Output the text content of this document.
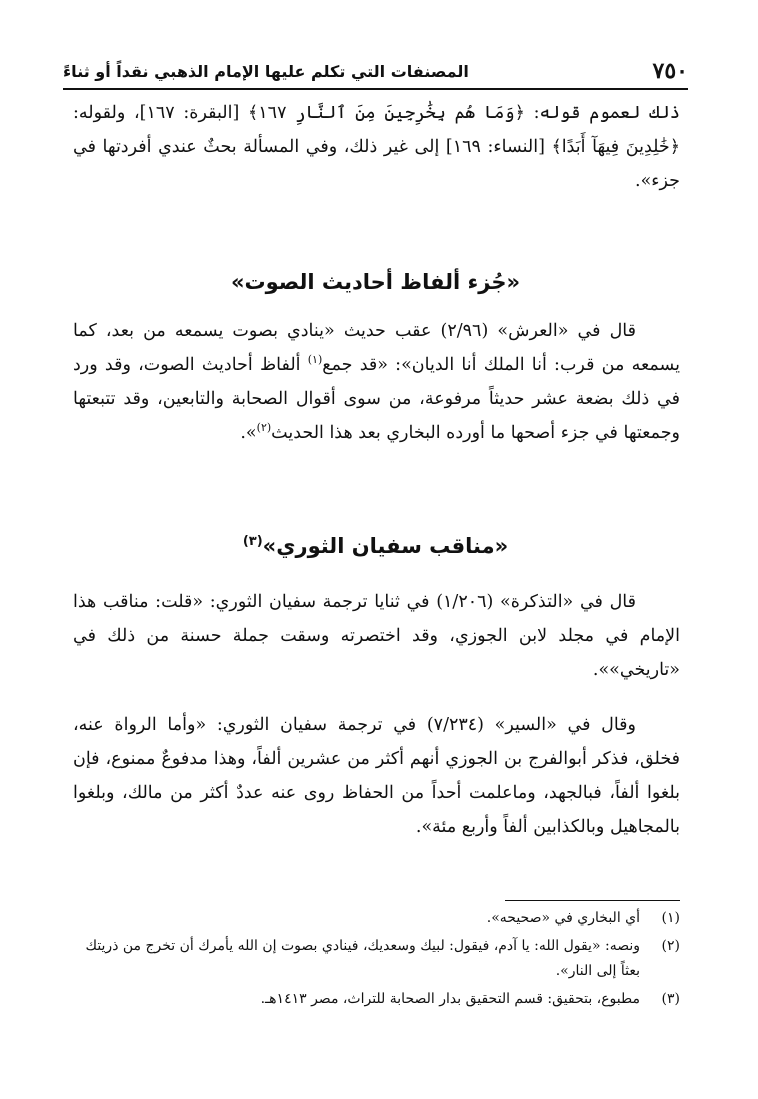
٧٥٠
المصنفات التي تكلم عليها الإمام الذهبي نقداً أو ثناءً

ذلك لعموم قوله: ﴿وَمَا هُم بِخَٰرِجِينَ مِنَ ٱلنَّارِ ١٦٧﴾ [البقرة: ١٦٧]، ولقوله: ﴿خَٰلِدِينَ فِيهَآ أَبَدًا﴾ [النساء: ١٦٩] إلى غير ذلك، وفي المسألة بحثٌ عندي أفردتها في جزء».

«جُزء ألفاظ أحاديث الصوت»

قال في «العرش» (٢/٩٦) عقب حديث «ينادي بصوت يسمعه من بعد، كما يسمعه من قرب: أنا الملك أنا الديان»: «قد جمع$^{(١)}$ ألفاظ أحاديث الصوت، وقد ورد في ذلك بضعة عشر حديثاً مرفوعة، من سوى أقوال الصحابة والتابعين، وقد تتبعتها وجمعتها في جزء أصحها ما أورده البخاري بعد هذا الحديث$^{(٢)}$».

«مناقب سفيان الثوري»$^{(٣)}$

قال في «التذكرة» (١/٢٠٦) في ثنايا ترجمة سفيان الثوري: «قلت: مناقب هذا الإمام في مجلد لابن الجوزي، وقد اختصرته وسقت جملة حسنة من ذلك في «تاريخي»».

وقال في «السير» (٧/٢٣٤) في ترجمة سفيان الثوري: «وأما الرواة عنه، فخلق، فذكر أبوالفرج بن الجوزي أنهم أكثر من عشرين ألفاً، وهذا مدفوعٌ ممنوع، فإن بلغوا ألفاً، فبالجهد، وماعلمت أحداً من الحفاظ روى عنه عددٌ أكثر من مالك، وبلغوا بالمجاهيل وبالكذابين ألفاً وأربع مئة».

(١)
أي البخاري في «صحيحه».
(٢)
ونصه: «يقول الله: يا آدم، فيقول: لبيك وسعديك، فينادي بصوت إن الله يأمرك أن تخرج من ذريتك بعثاً إلى النار».
(٣)
مطبوع، بتحقيق: قسم التحقيق بدار الصحابة للتراث، مصر ١٤١٣هـ.
